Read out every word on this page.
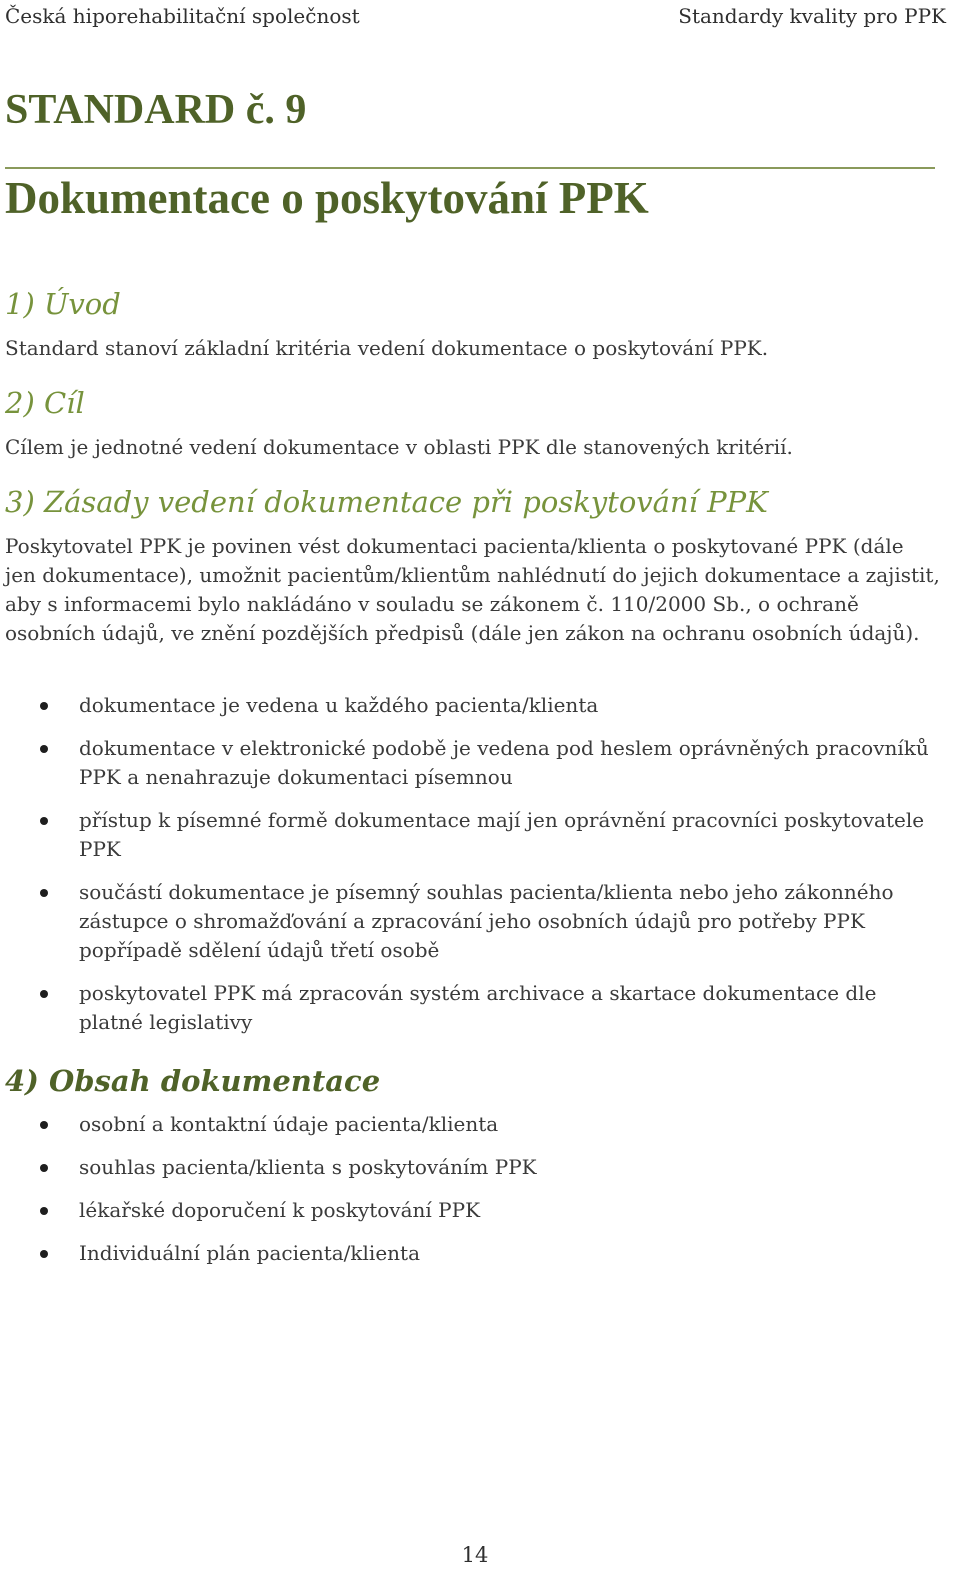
Česká hiporehabilitační společnost	Standardy kvality pro PPK
STANDARD č. 9
Dokumentace o poskytování PPK
1) Úvod
Standard stanoví základní kritéria vedení dokumentace o poskytování PPK.
2) Cíl
Cílem je jednotné vedení dokumentace v oblasti PPK dle stanovených kritérií.
3) Zásady vedení dokumentace při poskytování PPK
Poskytovatel PPK je povinen vést dokumentaci pacienta/klienta o poskytované PPK (dále jen dokumentace), umožnit pacientům/klientům nahlédnutí do jejich dokumentace a zajistit, aby s informacemi bylo nakládáno v souladu se zákonem č. 110/2000 Sb., o ochraně osobních údajů, ve znění pozdějších předpisů (dále jen zákon na ochranu osobních údajů).
dokumentace je vedena u každého pacienta/klienta
dokumentace v elektronické podobě je vedena pod heslem oprávněných pracovníků PPK a nenahrazuje dokumentaci písemnou
přístup k písemné formě dokumentace mají jen oprávnění pracovníci poskytovatele PPK
součástí dokumentace je písemný souhlas pacienta/klienta nebo jeho zákonného zástupce o shromažďování a zpracování jeho osobních údajů pro potřeby PPK popřípadě sdělení údajů třetí osobě
poskytovatel PPK má zpracován systém archivace a skartace dokumentace dle platné legislativy
4) Obsah dokumentace
osobní a kontaktní údaje pacienta/klienta
souhlas pacienta/klienta s poskytováním PPK
lékařské doporučení k poskytování PPK
Individuální plán pacienta/klienta
14
